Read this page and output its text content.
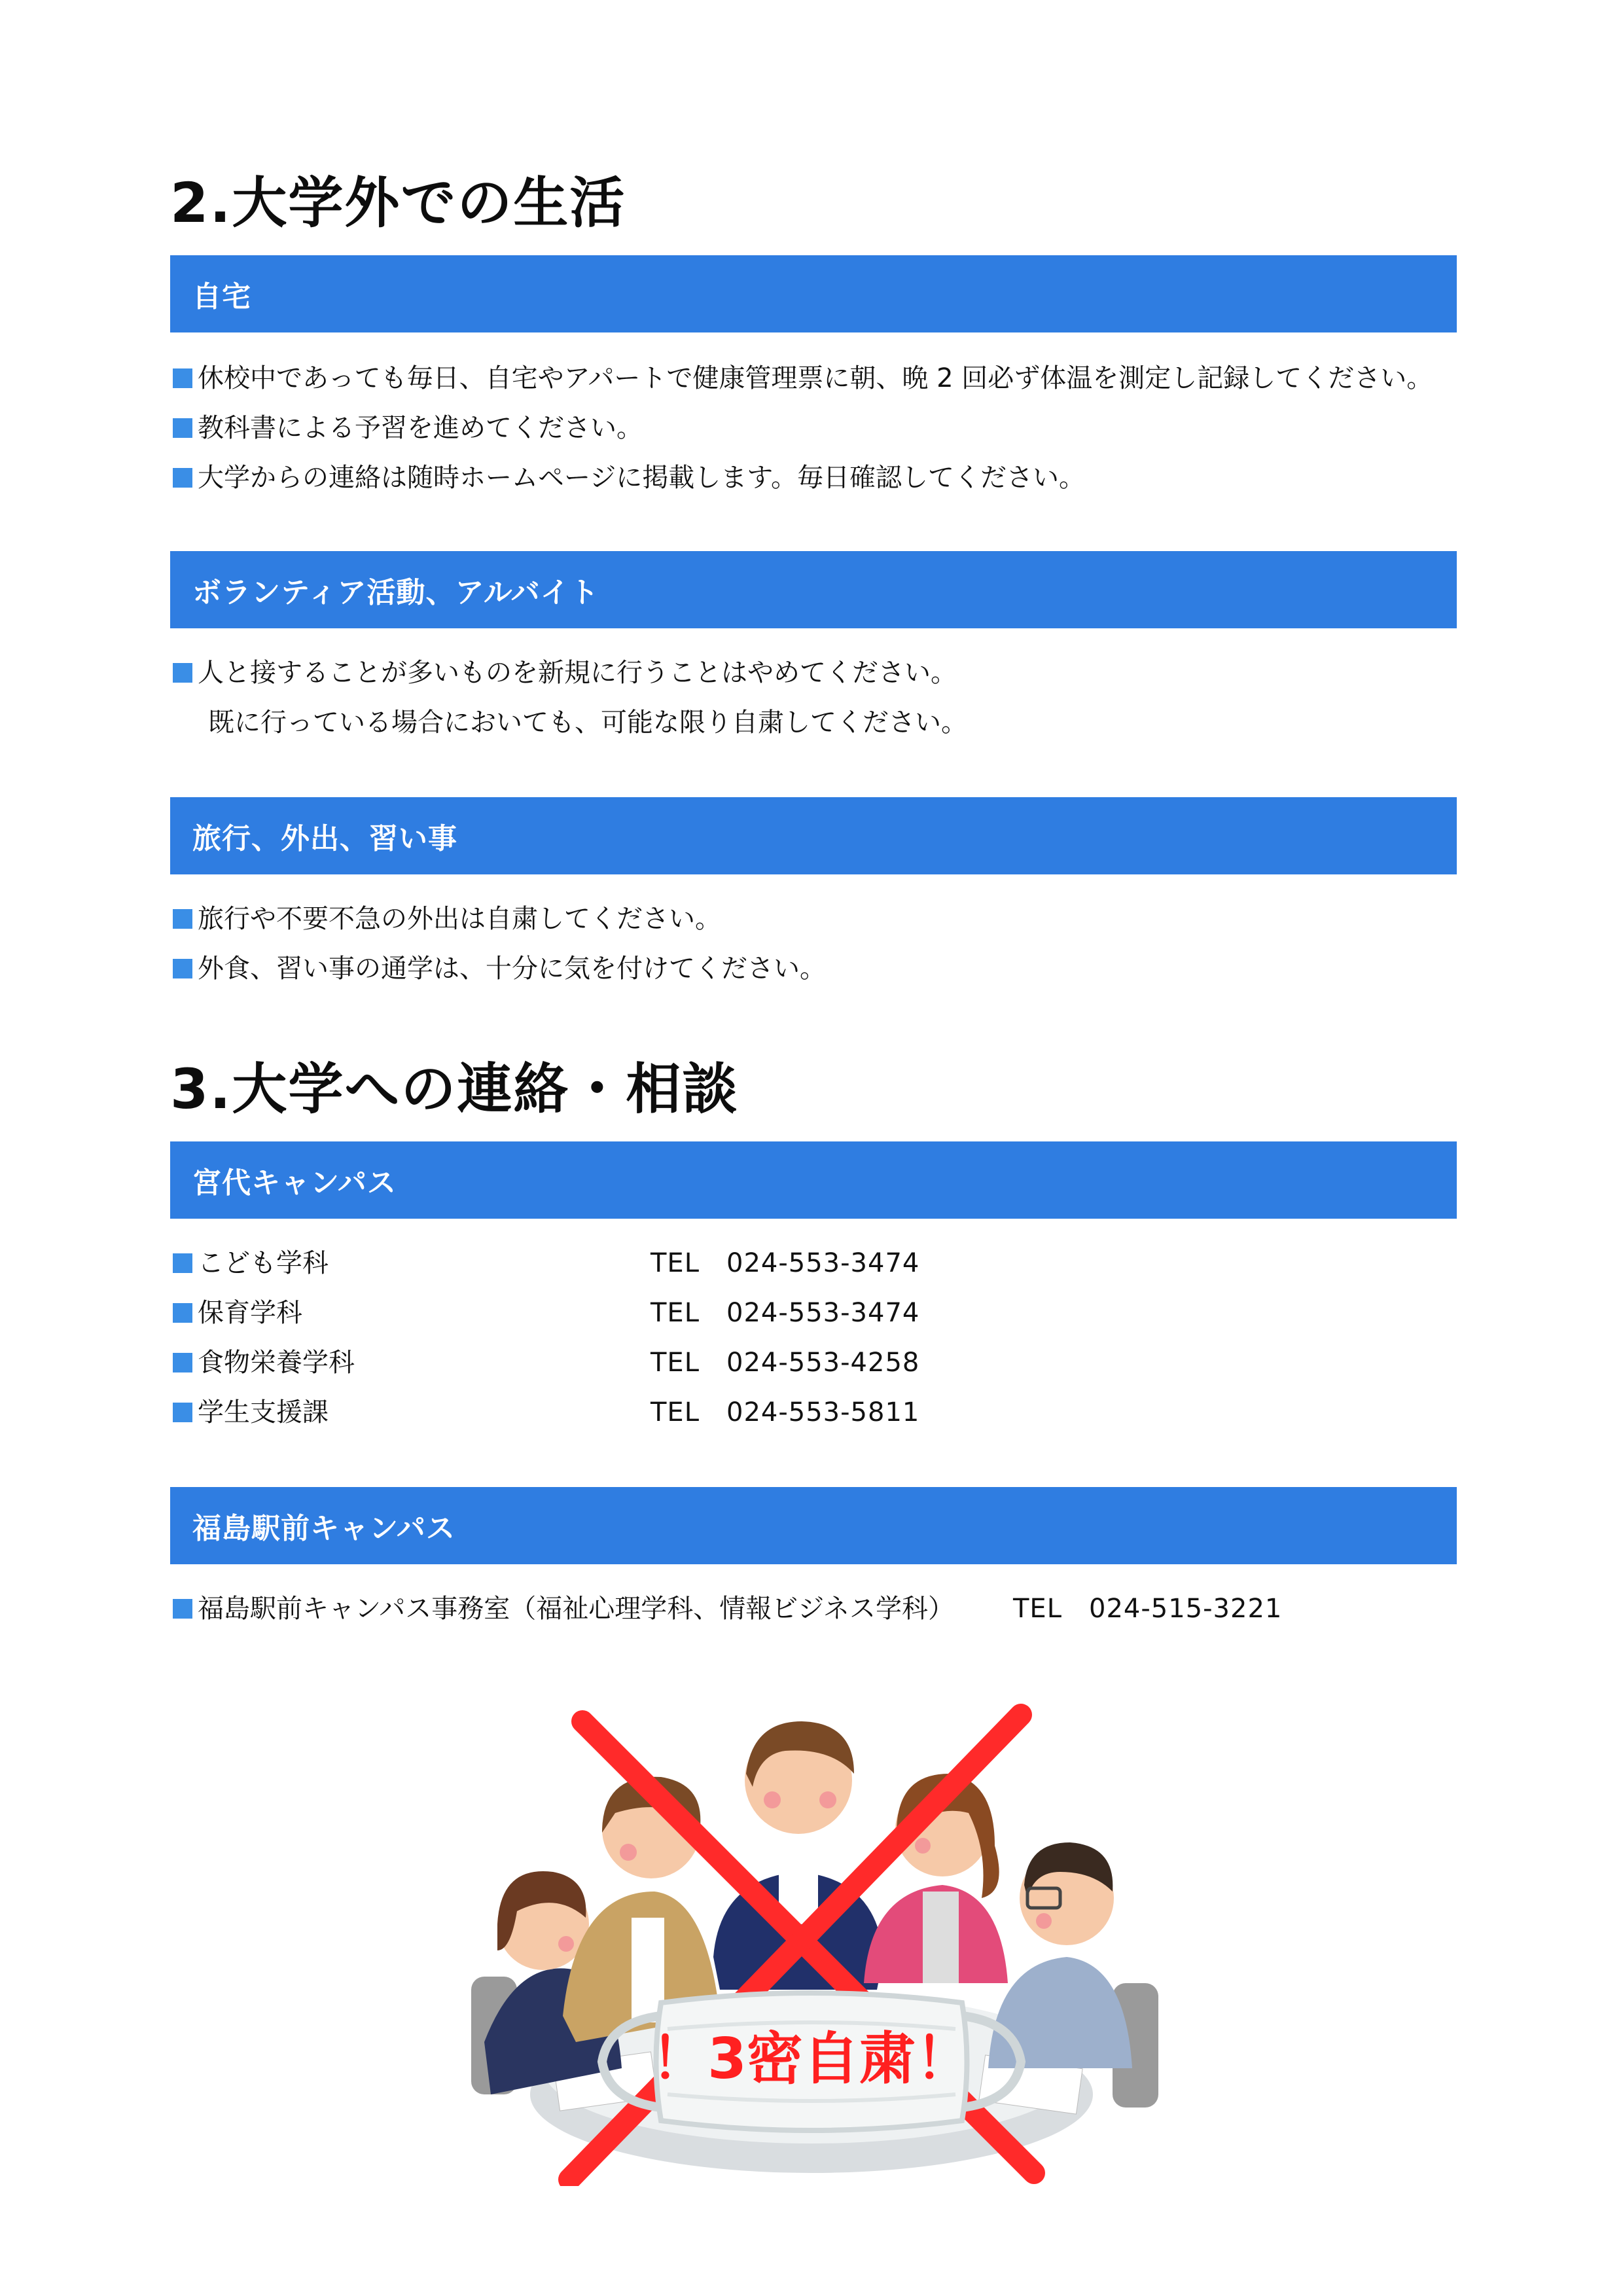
2.大学外での生活
自宅
休校中であっても毎日、自宅やアパートで健康管理票に朝、晩 2 回必ず体温を測定し記録してください。
教科書による予習を進めてください。
大学からの連絡は随時ホームページに掲載します。毎日確認してください。
ボランティア活動、アルバイト
人と接することが多いものを新規に行うことはやめてください。
既に行っている場合においても、可能な限り自粛してください。
旅行、外出、習い事
旅行や不要不急の外出は自粛してください。
外食、習い事の通学は、十分に気を付けてください。
3.大学への連絡・相談
宮代キャンパス
こども学科	TEL　024-553-3474
保育学科	TEL　024-553-3474
食物栄養学科	TEL　024-553-4258
学生支援課	TEL　024-553-5811
福島駅前キャンパス
福島駅前キャンパス事務室（福祉心理学科、情報ビジネス学科） TEL　024-515-3221
！3密自粛！
